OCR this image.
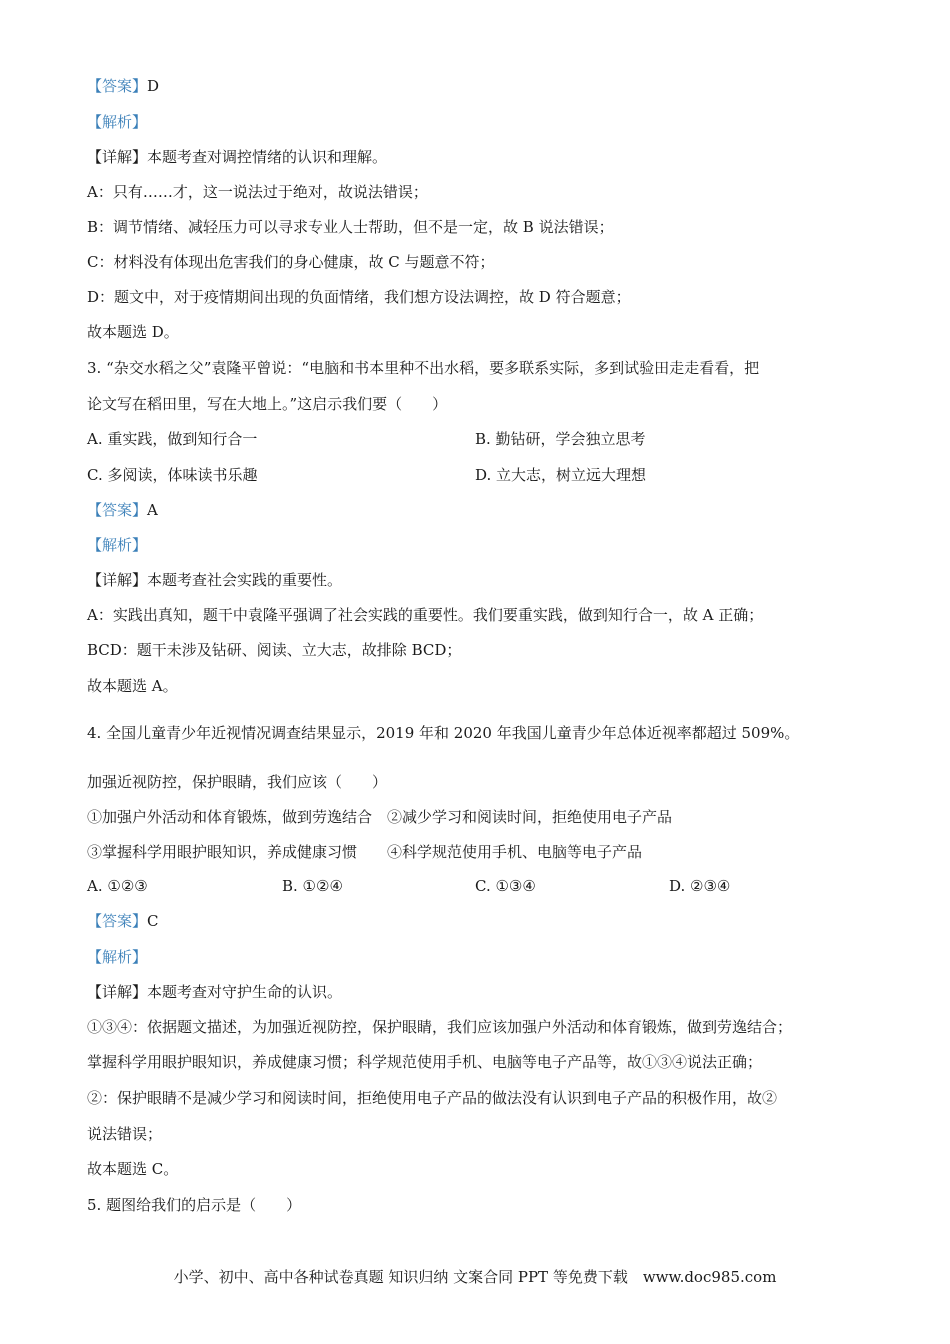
【答案】D
【解析】
【详解】本题考查对调控情绪的认识和理解。
A：只有……才，这一说法过于绝对，故说法错误；
B：调节情绪、减轻压力可以寻求专业人士帮助，但不是一定，故 B 说法错误；
C：材料没有体现出危害我们的身心健康，故 C 与题意不符；
D：题文中，对于疫情期间出现的负面情绪，我们想方设法调控，故 D 符合题意；
故本题选 D。
3. “杂交水稻之父”袁隆平曾说：“电脑和书本里种不出水稻，要多联系实际，多到试验田走走看看，把
论文写在稻田里，写在大地上。”这启示我们要（　　）
A. 重实践，做到知行合一	B. 勤钻研，学会独立思考
C. 多阅读，体味读书乐趣	D. 立大志，树立远大理想
【答案】A
【解析】
【详解】本题考查社会实践的重要性。
A：实践出真知，题干中袁隆平强调了社会实践的重要性。我们要重实践，做到知行合一，故 A 正确；
BCD：题干未涉及钻研、阅读、立大志，故排除 BCD；
故本题选 A。
4. 全国儿童青少年近视情况调查结果显示，2019 年和 2020 年我国儿童青少年总体近视率都超过 509%。
加强近视防控，保护眼睛，我们应该（　　）
①加强户外活动和体育锻炼，做到劳逸结合　②减少学习和阅读时间，拒绝使用电子产品
③掌握科学用眼护眼知识，养成健康习惯　　④科学规范使用手机、电脑等电子产品
A. ①②③	B. ①②④	C. ①③④	D. ②③④
【答案】C
【解析】
【详解】本题考查对守护生命的认识。
①③④：依据题文描述，为加强近视防控，保护眼睛，我们应该加强户外活动和体育锻炼，做到劳逸结合；
掌握科学用眼护眼知识，养成健康习惯；科学规范使用手机、电脑等电子产品等，故①③④说法正确；
②：保护眼睛不是减少学习和阅读时间，拒绝使用电子产品的做法没有认识到电子产品的积极作用，故②
说法错误；
故本题选 C。
5. 题图给我们的启示是（　　）
小学、初中、高中各种试卷真题 知识归纳 文案合同 PPT 等免费下载　www.doc985.com
